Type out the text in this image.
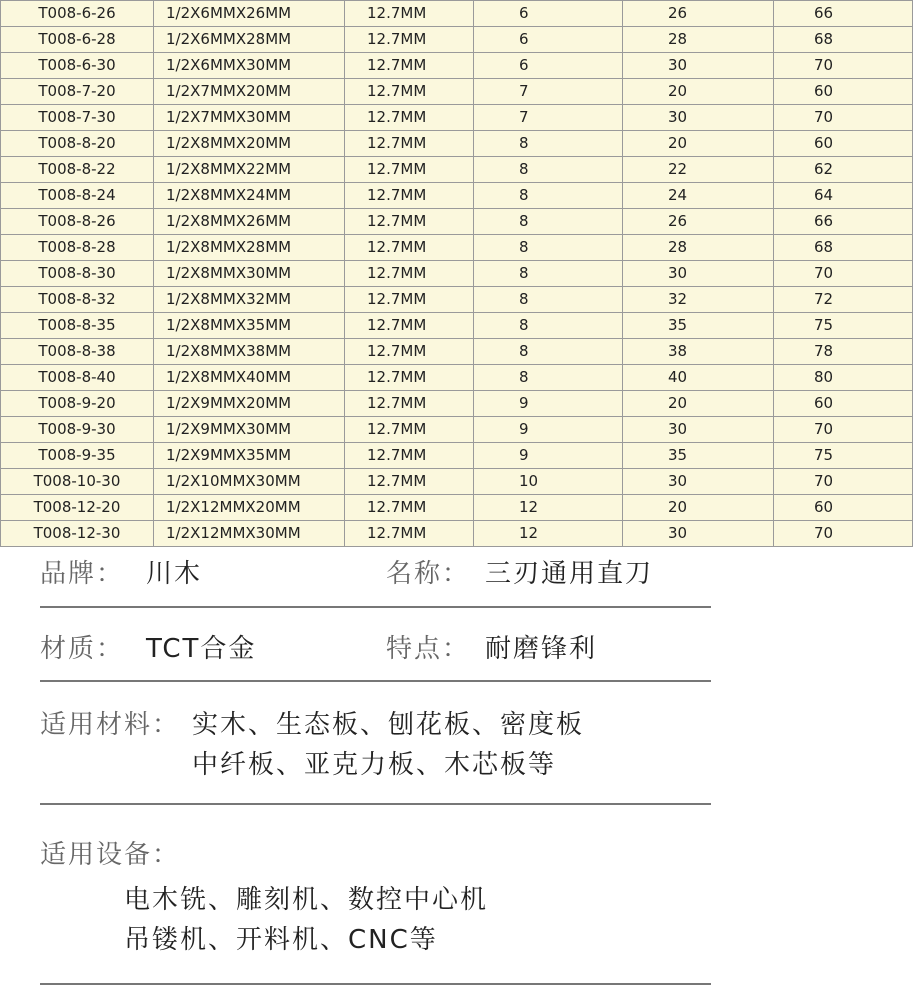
T008-6-26	1/2X6MMX26MM	12.7MM	6	26	66
T008-6-28	1/2X6MMX28MM	12.7MM	6	28	68
T008-6-30	1/2X6MMX30MM	12.7MM	6	30	70
T008-7-20	1/2X7MMX20MM	12.7MM	7	20	60
T008-7-30	1/2X7MMX30MM	12.7MM	7	30	70
T008-8-20	1/2X8MMX20MM	12.7MM	8	20	60
T008-8-22	1/2X8MMX22MM	12.7MM	8	22	62
T008-8-24	1/2X8MMX24MM	12.7MM	8	24	64
T008-8-26	1/2X8MMX26MM	12.7MM	8	26	66
T008-8-28	1/2X8MMX28MM	12.7MM	8	28	68
T008-8-30	1/2X8MMX30MM	12.7MM	8	30	70
T008-8-32	1/2X8MMX32MM	12.7MM	8	32	72
T008-8-35	1/2X8MMX35MM	12.7MM	8	35	75
T008-8-38	1/2X8MMX38MM	12.7MM	8	38	78
T008-8-40	1/2X8MMX40MM	12.7MM	8	40	80
T008-9-20	1/2X9MMX20MM	12.7MM	9	20	60
T008-9-30	1/2X9MMX30MM	12.7MM	9	30	70
T008-9-35	1/2X9MMX35MM	12.7MM	9	35	75
T008-10-30	1/2X10MMX30MM	12.7MM	10	30	70
T008-12-20	1/2X12MMX20MM	12.7MM	12	20	60
T008-12-30	1/2X12MMX30MM	12.7MM	12	30	70
品牌： 川木	名称： 三刃通用直刀
材质： TCT合金	特点： 耐磨锋利
适用材料： 实木、生态板、刨花板、密度板
中纤板、亚克力板、木芯板等
适用设备：
电木铣、雕刻机、数控中心机
吊镂机、开料机、CNC等
